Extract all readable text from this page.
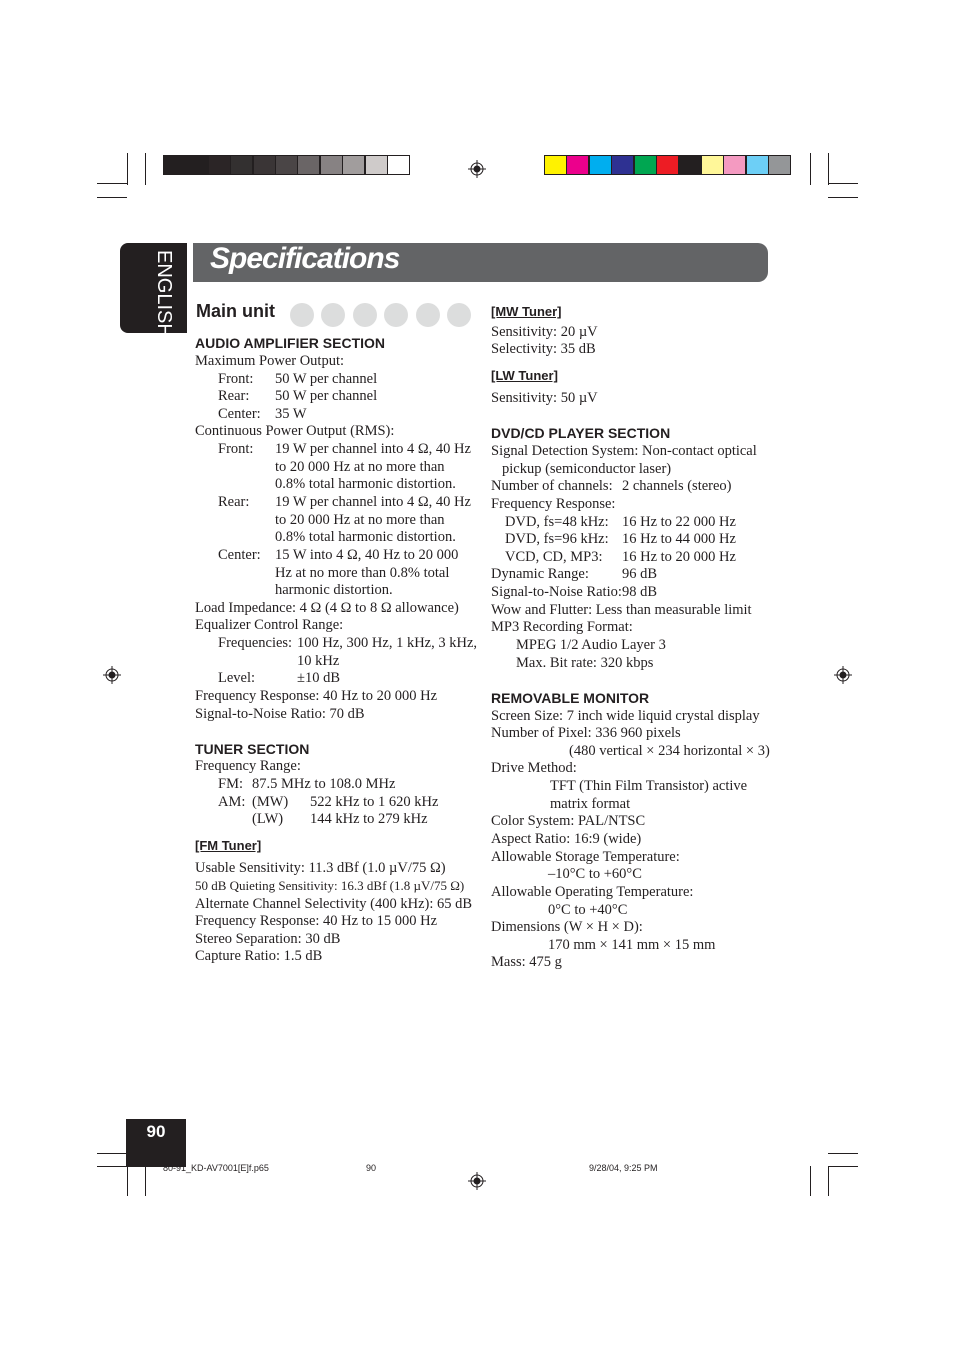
ENGLISH Specifications
Main unit
AUDIO AMPLIFIER SECTION
Maximum Power Output:
Front: 50 W per channel
Rear: 50 W per channel
Center: 35 W
Continuous Power Output (RMS):
Front: 19 W per channel into 4 Ω, 40 Hz
to 20 000 Hz at no more than
0.8% total harmonic distortion.
Rear: 19 W per channel into 4 Ω, 40 Hz
to 20 000 Hz at no more than
0.8% total harmonic distortion.
Center: 15 W into 4 Ω, 40 Hz to 20 000
Hz at no more than 0.8% total
harmonic distortion.
Load Impedance: 4 Ω (4 Ω to 8 Ω allowance)
Equalizer Control Range:
Frequencies: 100 Hz, 300 Hz, 1 kHz, 3 kHz,
10 kHz
Level:	±10 dB
Frequency Response: 40 Hz to 20 000 Hz
Signal-to-Noise Ratio: 70 dB
TUNER SECTION
Frequency Range:
FM: 87.5 MHz to 108.0 MHz
AM: (MW) 522 kHz to 1 620 kHz
(LW) 144 kHz to 279 kHz
[FM Tuner]
Usable Sensitivity: 11.3 dBf (1.0 µV/75 Ω)
50 dB Quieting Sensitivity: 16.3 dBf (1.8 µV/75 Ω)
Alternate Channel Selectivity (400 kHz): 65 dB
Frequency Response: 40 Hz to 15 000 Hz
Stereo Separation: 30 dB
Capture Ratio: 1.5 dB
[MW Tuner]
Sensitivity: 20 µV
Selectivity: 35 dB
[LW Tuner]
Sensitivity: 50 µV
DVD/CD PLAYER SECTION
Signal Detection System: Non-contact optical
pickup (semiconductor laser)
Number of channels: 2 channels (stereo)
Frequency Response:
DVD, fs=48 kHz: 16 Hz to 22 000 Hz
DVD, fs=96 kHz: 16 Hz to 44 000 Hz
VCD, CD, MP3: 16 Hz to 20 000 Hz
Dynamic Range: 96 dB
Signal-to-Noise Ratio: 98 dB
Wow and Flutter: Less than measurable limit
MP3 Recording Format:
MPEG 1/2 Audio Layer 3
Max. Bit rate: 320 kbps
REMOVABLE MONITOR
Screen Size: 7 inch wide liquid crystal display
Number of Pixel: 336 960 pixels
(480 vertical × 234 horizontal × 3)
Drive Method:
TFT (Thin Film Transistor) active
matrix format
Color System: PAL/NTSC
Aspect Ratio: 16:9 (wide)
Allowable Storage Temperature:
–10°C to +60°C
Allowable Operating Temperature:
0°C to +40°C
Dimensions (W × H × D):
170 mm × 141 mm × 15 mm
Mass: 475 g
90
80-91_KD-AV7001[E]f.p65	90	9/28/04, 9:25 PM
